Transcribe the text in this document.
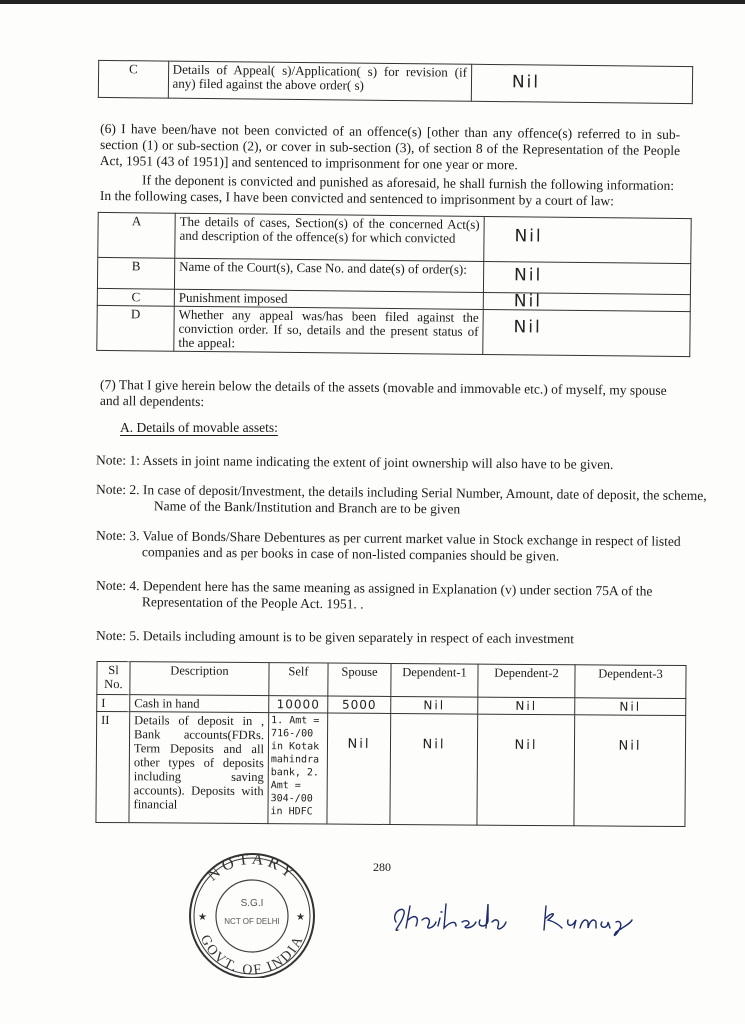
C	Details of Appeal( s)/Application( s) for revision (if any) filed against the above order( s)	Nil
(6) I have been/have not been convicted of an offence(s) [other than any offence(s) referred to in sub-section (1) or sub-section (2), or cover in sub-section (3), of section 8 of the Representation of the People Act, 1951 (43 of 1951)] and sentenced to imprisonment for one year or more.
If the deponent is convicted and punished as aforesaid, he shall furnish the following information: In the following cases, I have been convicted and sentenced to imprisonment by a court of law:
A	The details of cases, Section(s) of the concerned Act(s) and description of the offence(s) for which convicted	Nil
B	Name of the Court(s), Case No. and date(s) of order(s):	Nil
C	Punishment imposed	Nil
D	Whether any appeal was/has been filed against the conviction order. If so, details and the present status of the appeal:	Nil
(7) That I give herein below the details of the assets (movable and immovable etc.) of myself, my spouse and all dependents:
A. Details of movable assets:
Note: 1: Assets in joint name indicating the extent of joint ownership will also have to be given.
Note: 2. In case of deposit/Investment, the details including Serial Number, Amount, date of deposit, the scheme, Name of the Bank/Institution and Branch are to be given
Note: 3. Value of Bonds/Share Debentures as per current market value in Stock exchange in respect of listed companies and as per books in case of non-listed companies should be given.
Note: 4. Dependent here has the same meaning as assigned in Explanation (v) under section 75A of the Representation of the People Act. 1951. .
Note: 5. Details including amount is to be given separately in respect of each investment
Sl No.	Description	Self	Spouse	Dependent-1	Dependent-2	Dependent-3
I	Cash in hand	10000	5000	Nil	Nil	Nil
II	Details of deposit in , Bank accounts(FDRs. Term Deposits and all other types of deposits including saving accounts). Deposits with financial	1. Amt = 716-/00 in Kotak mahindra bank, 2. Amt = 304-/00 in HDFC	Nil	Nil	Nil	Nil
NOTARY
GOVT. OF INDIA
S.G.I
NCT OF DELHI
★	★
280
